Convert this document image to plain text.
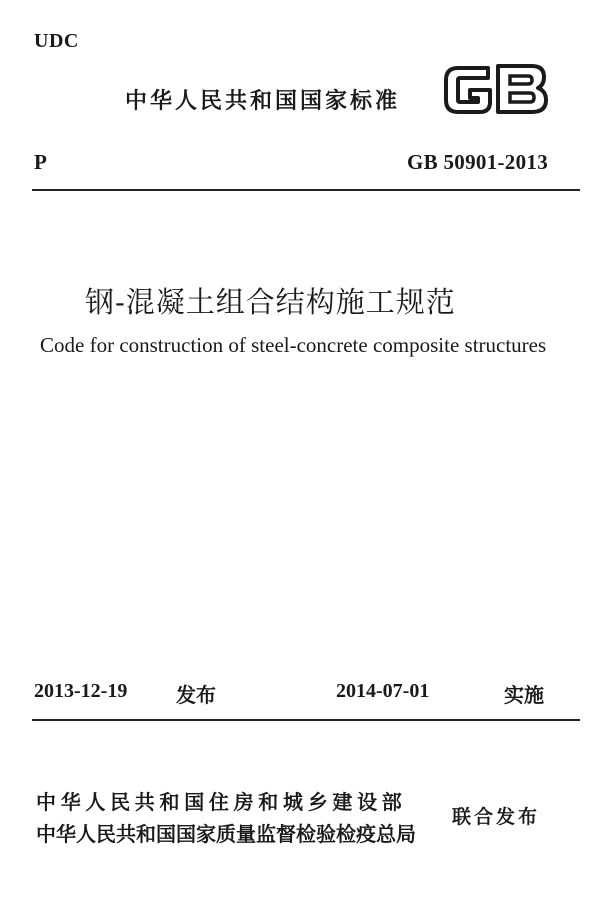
UDC
中华人民共和国国家标准
P	GB 50901-2013
钢-混凝土组合结构施工规范
Code for construction of steel-concrete composite structures
2013-12-19 发布	2014-07-01	实施
中华人民共和国住房和城乡建设部
中华人民共和国国家质量监督检验检疫总局
联合发布
